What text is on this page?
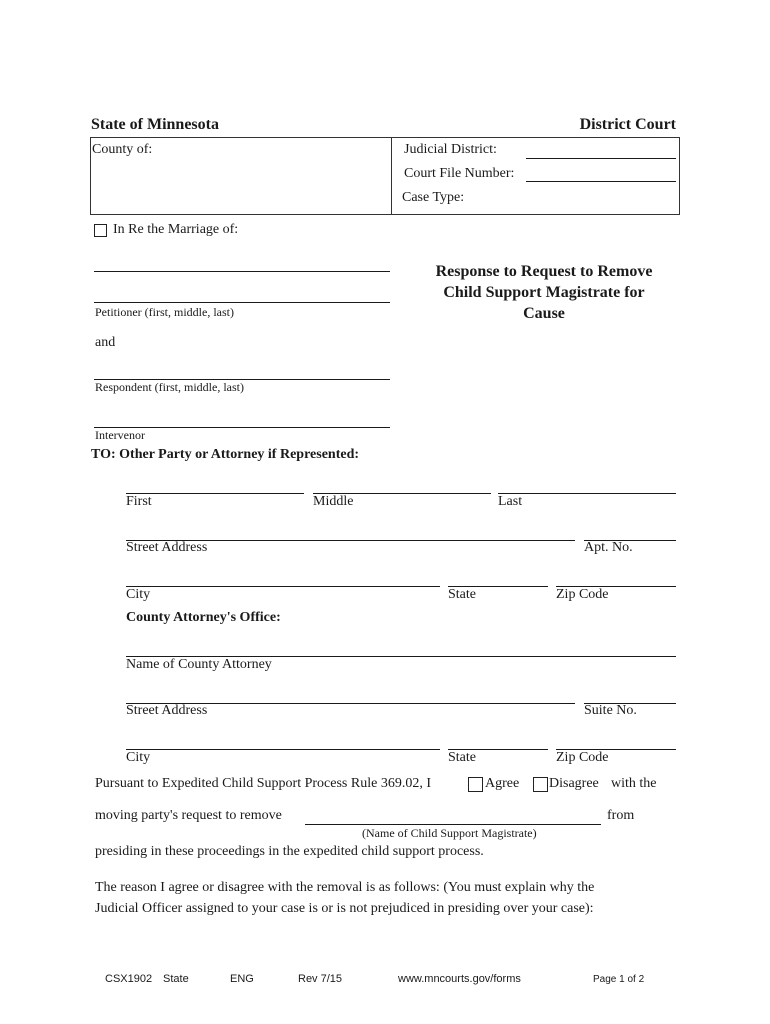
State of Minnesota	District Court
County of:	Judicial District:
Court File Number:
Case Type:
In Re the Marriage of:
Petitioner (first, middle, last)
and
Respondent (first, middle, last)
Intervenor
Response to Request to Remove
Child Support Magistrate for
Cause
TO: Other Party or Attorney if Represented:
First	Middle	Last
Street Address	Apt. No.
City	State	Zip Code
County Attorney's Office:
Name of County Attorney
Street Address	Suite No.
City	State	Zip Code
Pursuant to Expedited Child Support Process Rule 369.02, I	Agree Disagree with the
moving party's request to remove	from
(Name of Child Support Magistrate)
presiding in these proceedings in the expedited child support process.
The reason I agree or disagree with the removal is as follows: (You must explain why the
Judicial Officer assigned to your case is or is not prejudiced in presiding over your case):
CSX1902 State	ENG	Rev 7/15	www.mncourts.gov/forms	Page 1 of 2
